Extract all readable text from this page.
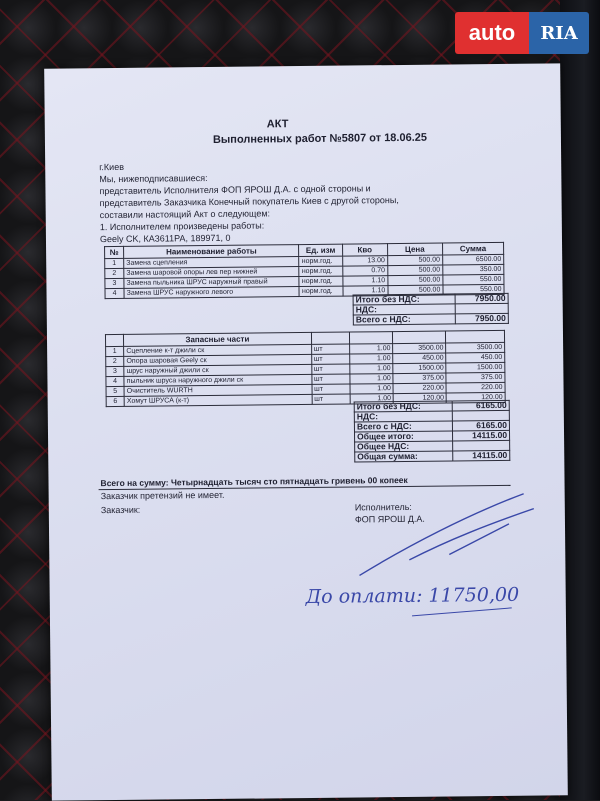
auto	RIA
АКТ
Выполненных работ №5807 от 18.06.25
г.Киев
Мы, нижеподписавшиеся:
представитель Исполнителя ФОП ЯРОШ Д.А. с одной стороны и
представитель Заказчика Конечный покупатель Киев с другой стороны,
составили настоящий Акт о следующем:
1. Исполнителем произведены работы:
Geely CK, КА3611РА, 189971, 0
№	Наименование работы	Ед. изм	Кво	Цена	Сумма
1	Замена сцепления	норм.год.	13.00	500.00	6500.00
2	Замена шаровой опоры лев пер нижней	норм.год.	0.70	500.00	350.00
3	Замена пыльника ШРУС наружный правый	норм.год.	1.10	500.00	550.00
4	Замена ШРУС наружного левого	норм.год.	1.10	500.00	550.00
Итого без НДС:	7950.00
НДС:	
Всего с НДС:	7950.00
	Запасные части				
1	Сцепление к-т джили ск	шт	1.00	3500.00	3500.00
2	Опора шаровая Geely ск	шт	1.00	450.00	450.00
3	шрус наружный джили ск	шт	1.00	1500.00	1500.00
4	пыльник шруса наружного джили ск	шт	1.00	375.00	375.00
5	Очиститель WURTH	шт	1.00	220.00	220.00
6	Хомут ШРУСА (к-т)	шт	1.00	120.00	120.00
Итого без НДС:	6165.00
НДС:	
Всего с НДС:	6165.00
Общее итого:	14115.00
Общее НДС:	
Общая сумма:	14115.00
Всего на сумму: Четырнадцать тысяч сто пятнадцать гривень 00 копеек
Заказчик претензий не имеет.
Заказчик:	Исполнитель:
ФОП ЯРОШ Д.А.
До оплати: 11750,00
